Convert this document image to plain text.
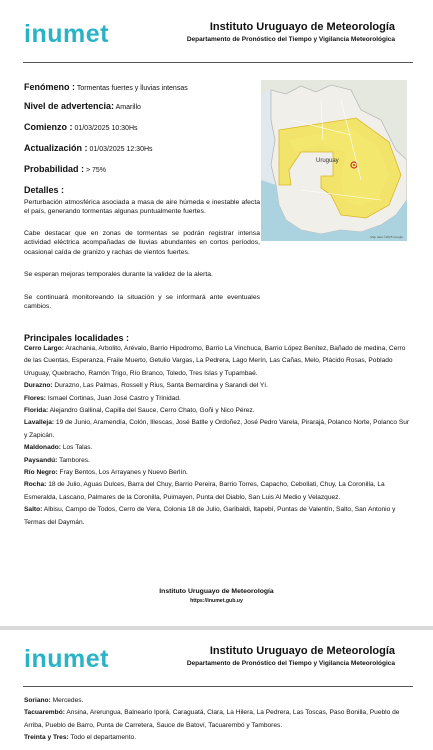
inumet	Instituto Uruguayo de Meteorología
Departamento de Pronóstico del Tiempo y Vigilancia Meteorológica
Fenómeno : Tormentas fuertes y lluvias intensas
Nivel de advertencia: Amarillo
Comienzo : 01/03/2025 10:30Hs
Actualización : 01/03/2025 12:30Hs
Probabilidad : > 75%
Detalles :
Perturbación atmosférica asociada a masa de aire húmeda e inestable afecta el país, generando tormentas algunas puntualmente fuertes.
Cabe destacar que en zonas de tormentas se podrán registrar intensa actividad eléctrica acompañadas de lluvias abundantes en cortos períodos, ocasional caída de granizo y rachas de vientos fuertes.
Se esperan mejoras temporales durante la validez de la alerta.
Se continuará monitoreando la situación y se informará ante eventuales cambios.
Uruguay
Map data ©2025 Google
Principales localidades :
Cerro Largo: Arachania, Arbolito, Arévalo, Barrio Hipodromo, Barrio La Vinchuca, Barrio López Benítez, Bañado de medina, Cerro de las Cuentas, Esperanza, Fraile Muerto, Getulio Vargas, La Pedrera, Lago Merín, Las Cañas, Melo, Plácido Rosas, Poblado Uruguay, Quebracho, Ramón Trigo, Río Branco, Toledo, Tres Islas y Tupambaé.
Durazno: Durazno, Las Palmas, Rossell y Rius, Santa Bernardina y Sarandi del Yí.
Flores: Ismael Cortinas, Juan José Castro y Trinidad.
Florida: Alejandro Gallinal, Capilla del Sauce, Cerro Chato, Goñi y Nico Pérez.
Lavalleja: 19 de Junio, Aramendía, Colón, Illescas, José Batlle y Ordoñez, José Pedro Varela, Pirarajá, Polanco Norte, Polanco Sur y Zapicán.
Maldonado: Los Talas.
Paysandú: Tambores.
Río Negro: Fray Bentos, Los Arrayanes y Nuevo Berlín.
Rocha: 18 de Julio, Aguas Dulces, Barra del Chuy, Barrio Pereira, Barrio Torres, Capacho, Cebollati, Chuy, La Coronilla, La Esmeralda, Lascano, Palmares de la Coronilla, Puimayen, Punta del Diablo, San Luis Al Medio y Velazquez.
Salto: Albisu, Campo de Todos, Cerro de Vera, Colonia 18 de Julio, Garibaldi, Itapebí, Puntas de Valentín, Salto, San Antonio y Termas del Daymán.
Instituto Uruguayo de Meteorología
https://inumet.gub.uy
inumet	Instituto Uruguayo de Meteorología
Departamento de Pronóstico del Tiempo y Vigilancia Meteorológica
Soriano: Mercedes.
Tacuarembó: Ansina, Arerungua, Balneario Iporá, Caraguatá, Clara, La Hilera, La Pedrera, Las Toscas, Paso Bonilla, Pueblo de Arriba, Pueblo de Barro, Punta de Carretera, Sauce de Batoví, Tacuarembó y Tambores.
Treinta y Tres: Todo el departamento.
